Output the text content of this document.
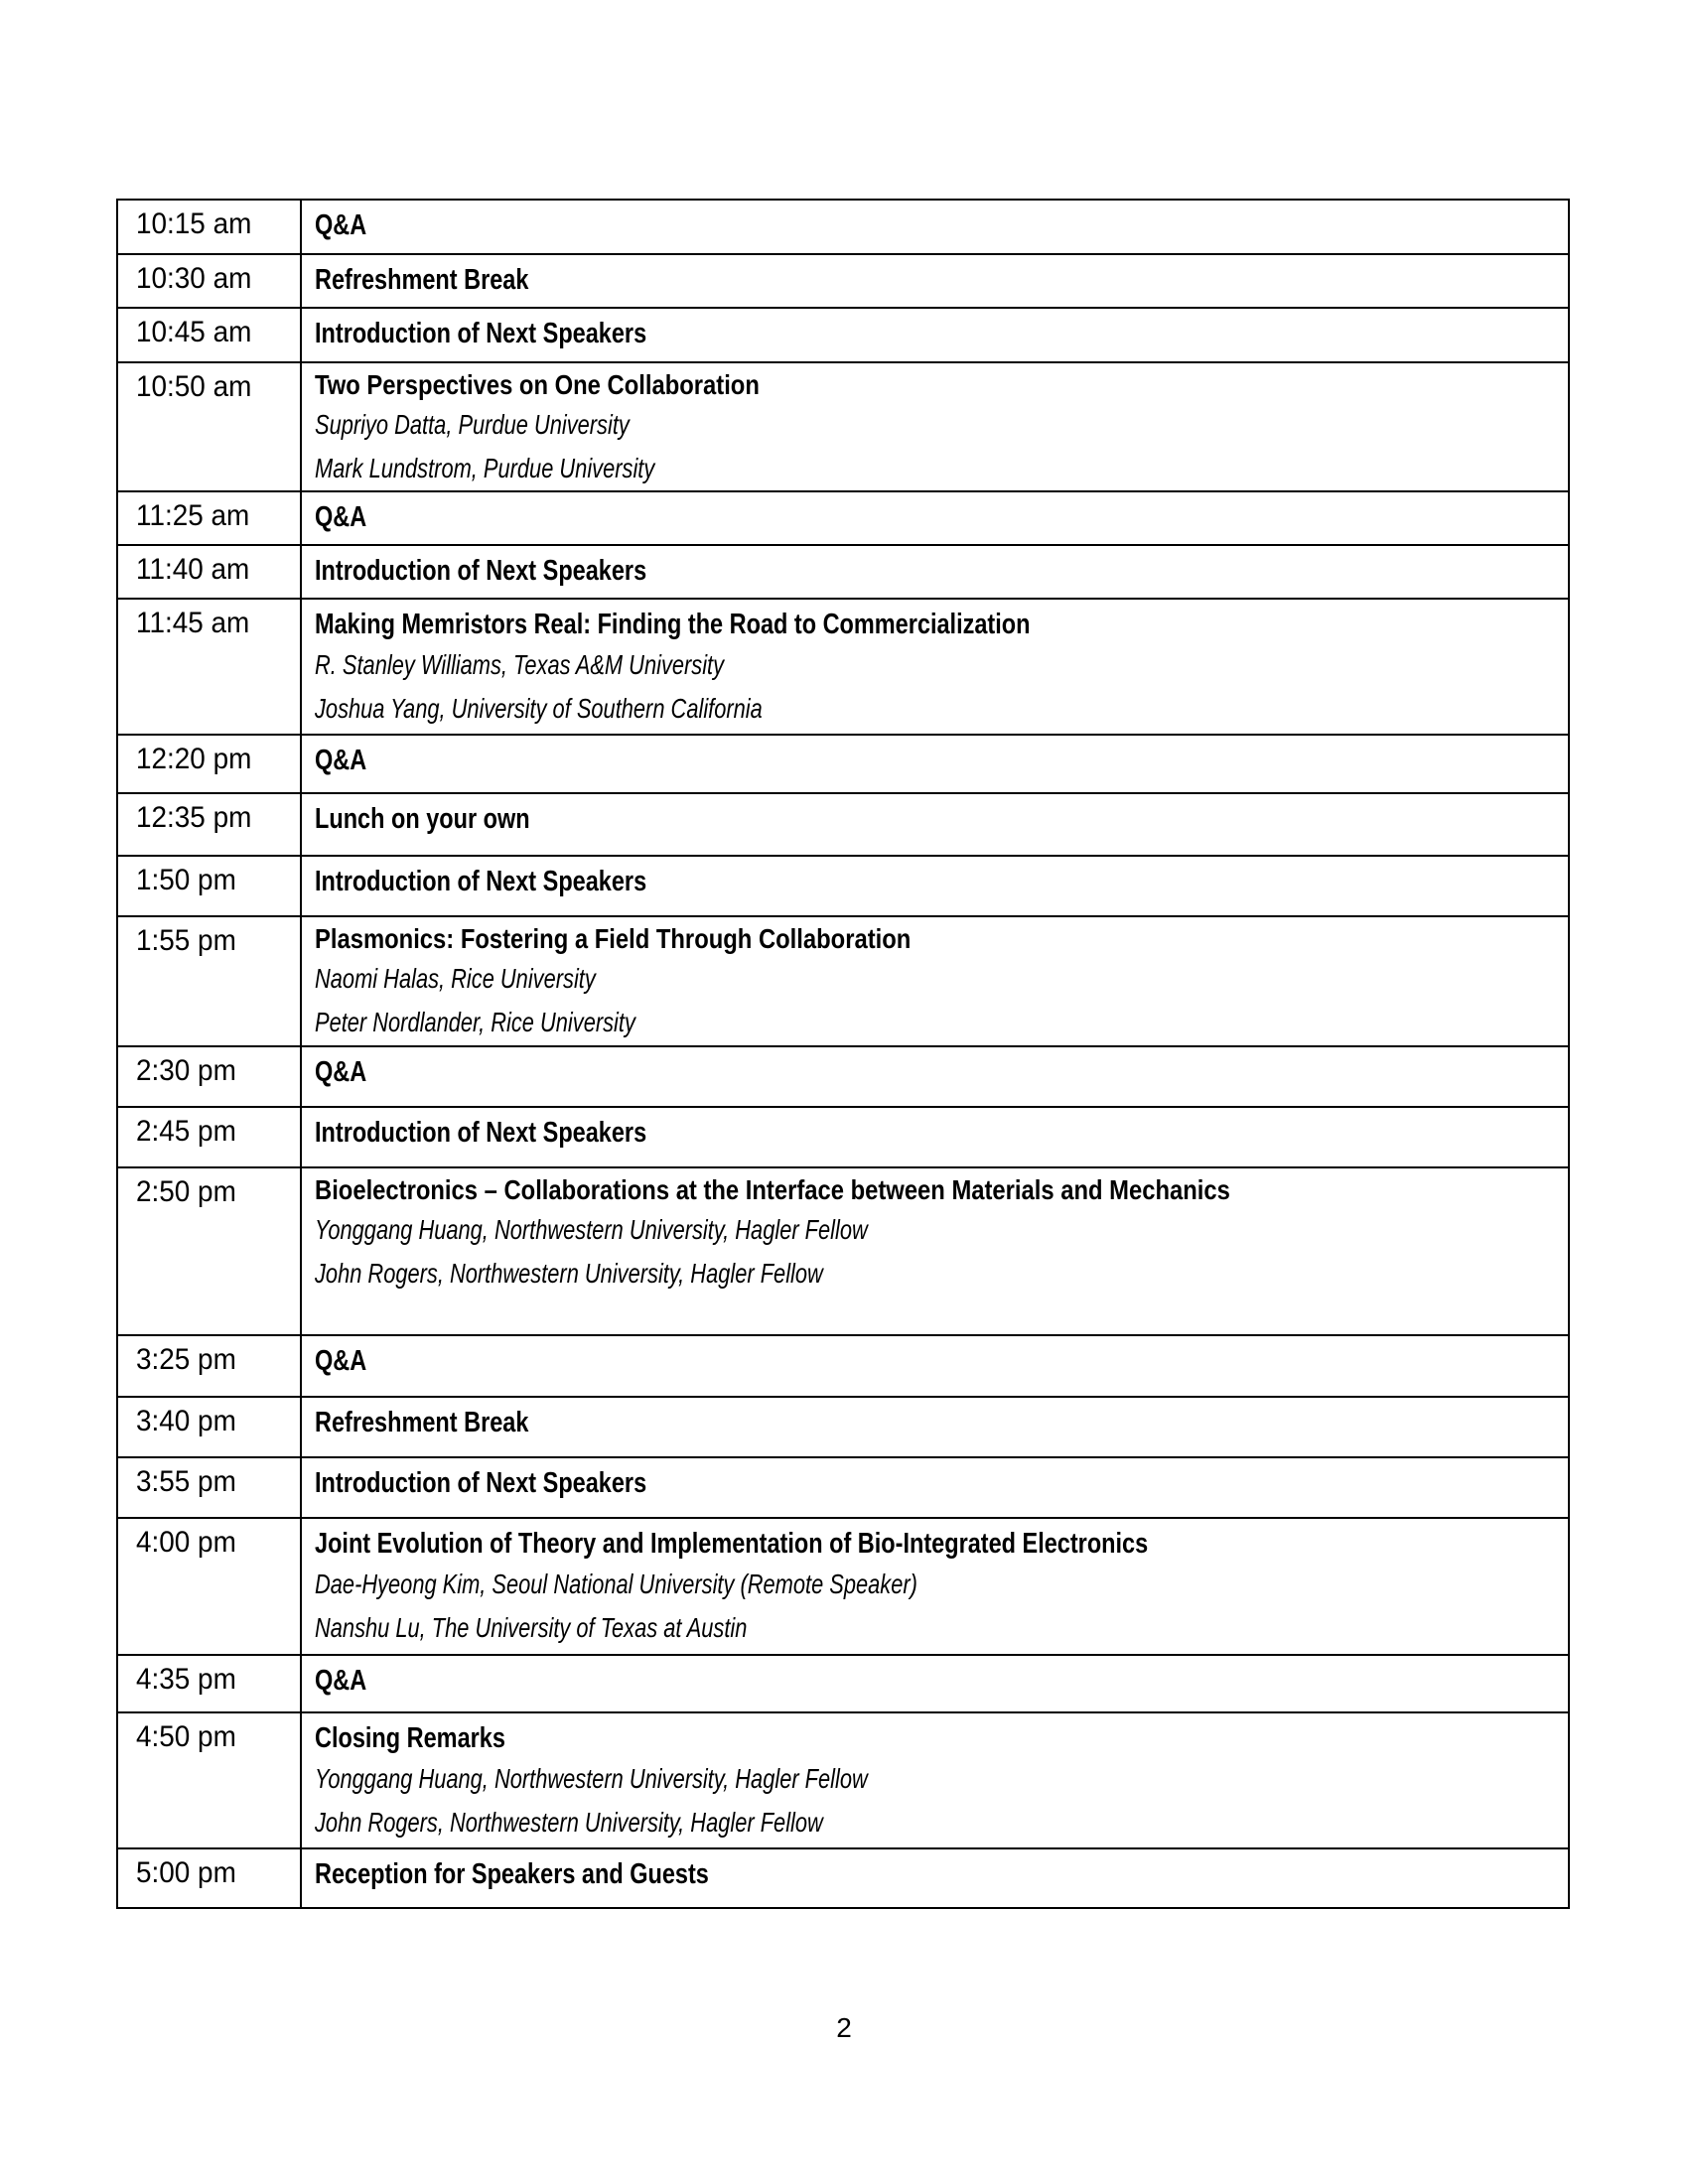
10:15 am	Q&A

10:30 am	Refreshment Break

10:45 am	Introduction of Next Speakers

10:50 am	Two Perspectives on One Collaboration
Supriyo Datta, Purdue University
Mark Lundstrom, Purdue University

11:25 am	Q&A

11:40 am	Introduction of Next Speakers

11:45 am	Making Memristors Real: Finding the Road to Commercialization
R. Stanley Williams, Texas A&M University
Joshua Yang, University of Southern California

12:20 pm	Q&A

12:35 pm	Lunch on your own

1:50 pm	Introduction of Next Speakers

1:55 pm	Plasmonics: Fostering a Field Through Collaboration
Naomi Halas, Rice University
Peter Nordlander, Rice University

2:30 pm	Q&A

2:45 pm	Introduction of Next Speakers

2:50 pm	Bioelectronics – Collaborations at the Interface between Materials and Mechanics
Yonggang Huang, Northwestern University, Hagler Fellow
John Rogers, Northwestern University, Hagler Fellow

3:25 pm	Q&A

3:40 pm	Refreshment Break

3:55 pm	Introduction of Next Speakers

4:00 pm	Joint Evolution of Theory and Implementation of Bio-Integrated Electronics
Dae-Hyeong Kim, Seoul National University (Remote Speaker)
Nanshu Lu, The University of Texas at Austin

4:35 pm	Q&A

4:50 pm	Closing Remarks
Yonggang Huang, Northwestern University, Hagler Fellow
John Rogers, Northwestern University, Hagler Fellow

5:00 pm	Reception for Speakers and Guests
2
